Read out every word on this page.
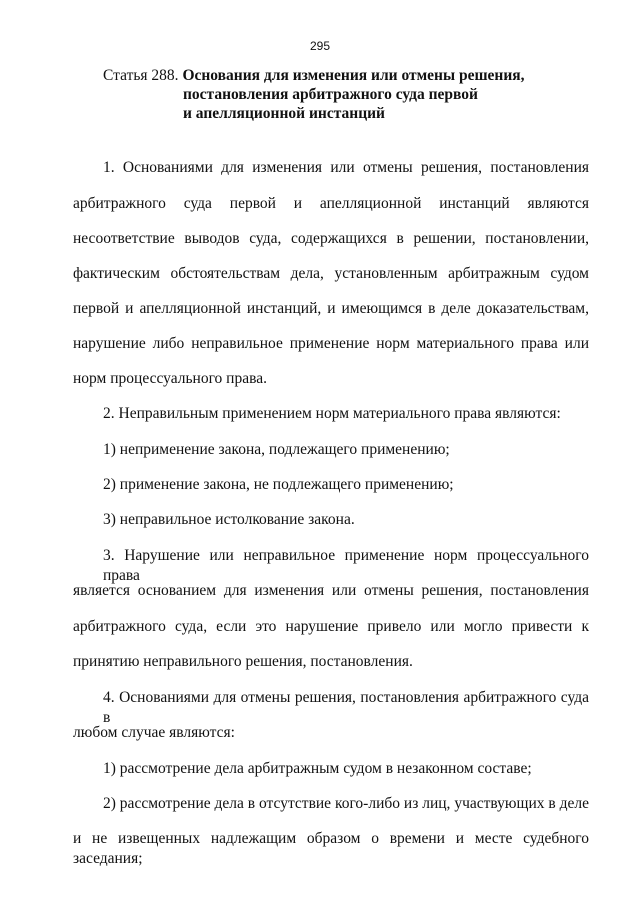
295
Статья 288. Основания для изменения или отмены решения,
постановления арбитражного суда первой
и апелляционной инстанций
1. Основаниями для изменения или отмены решения, постановления
арбитражного суда первой и апелляционной инстанций являются
несоответствие выводов суда, содержащихся в решении, постановлении,
фактическим обстоятельствам дела, установленным арбитражным судом
первой и апелляционной инстанций, и имеющимся в деле доказательствам,
нарушение либо неправильное применение норм материального права или
норм процессуального права.
2. Неправильным применением норм материального права являются:
1) неприменение закона, подлежащего применению;
2) применение закона, не подлежащего применению;
3) неправильное истолкование закона.
3. Нарушение или неправильное применение норм процессуального права
является основанием для изменения или отмены решения, постановления
арбитражного суда, если это нарушение привело или могло привести к
принятию неправильного решения, постановления.
4. Основаниями для отмены решения, постановления арбитражного суда в
любом случае являются:
1) рассмотрение дела арбитражным судом в незаконном составе;
2) рассмотрение дела в отсутствие кого-либо из лиц, участвующих в деле
и не извещенных надлежащим образом о времени и месте судебного заседания;
